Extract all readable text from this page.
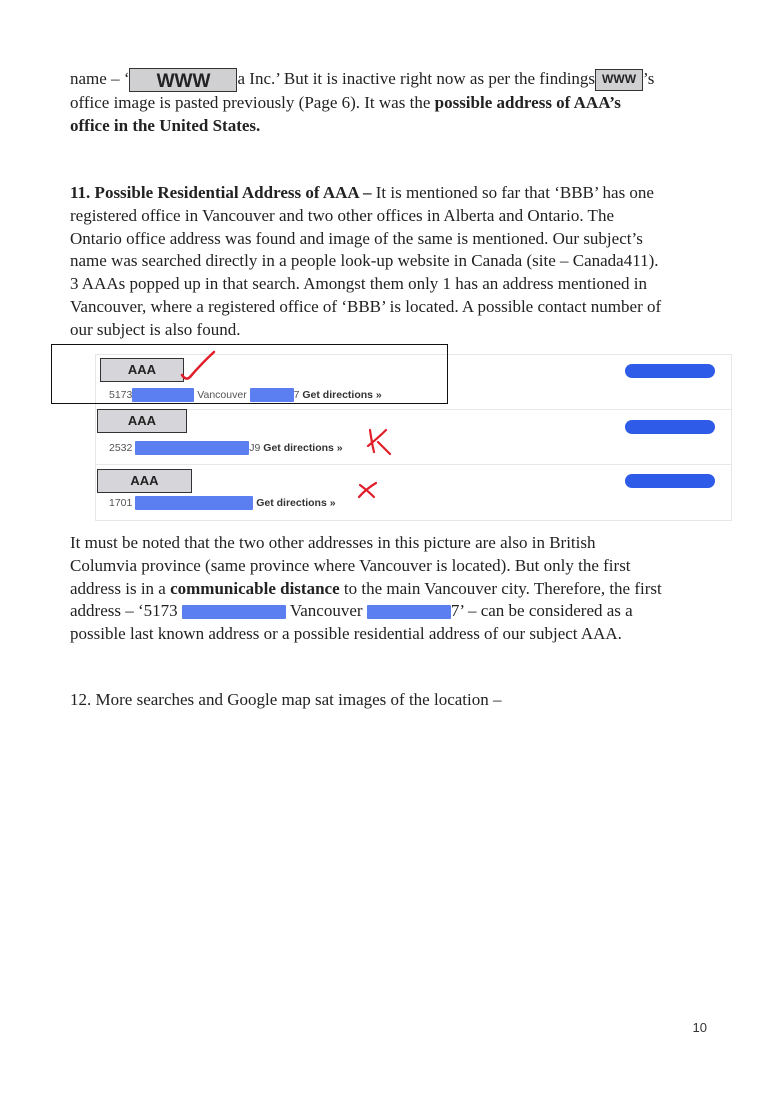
name – ‘ WWW a Inc.’ But it is inactive right now as per the findings WWW ’s
office image is pasted previously (Page 6). It was the possible address of AAA’s
office in the United States.
11. Possible Residential Address of AAA – It is mentioned so far that ‘BBB’ has one
registered office in Vancouver and two other offices in Alberta and Ontario. The
Ontario office address was found and image of the same is mentioned. Our subject’s
name was searched directly in a people look-up website in Canada (site – Canada411).
3 AAAs popped up in that search. Amongst them only 1 has an address mentioned in
Vancouver, where a registered office of ‘BBB’ is located. A possible contact number of
our subject is also found.
AAA
5173	Vancouver	7 Get directions »
AAA
2532	J9 Get directions »
AAA
1701	Get directions »
It must be noted that the two other addresses in this picture are also in British
Columvia province (same province where Vancouver is located). But only the first
address is in a communicable distance to the main Vancouver city. Therefore, the first
address – ‘5173	Vancouver	7’ – can be considered as a
possible last known address or a possible residential address of our subject AAA.
12. More searches and Google map sat images of the location –
10
